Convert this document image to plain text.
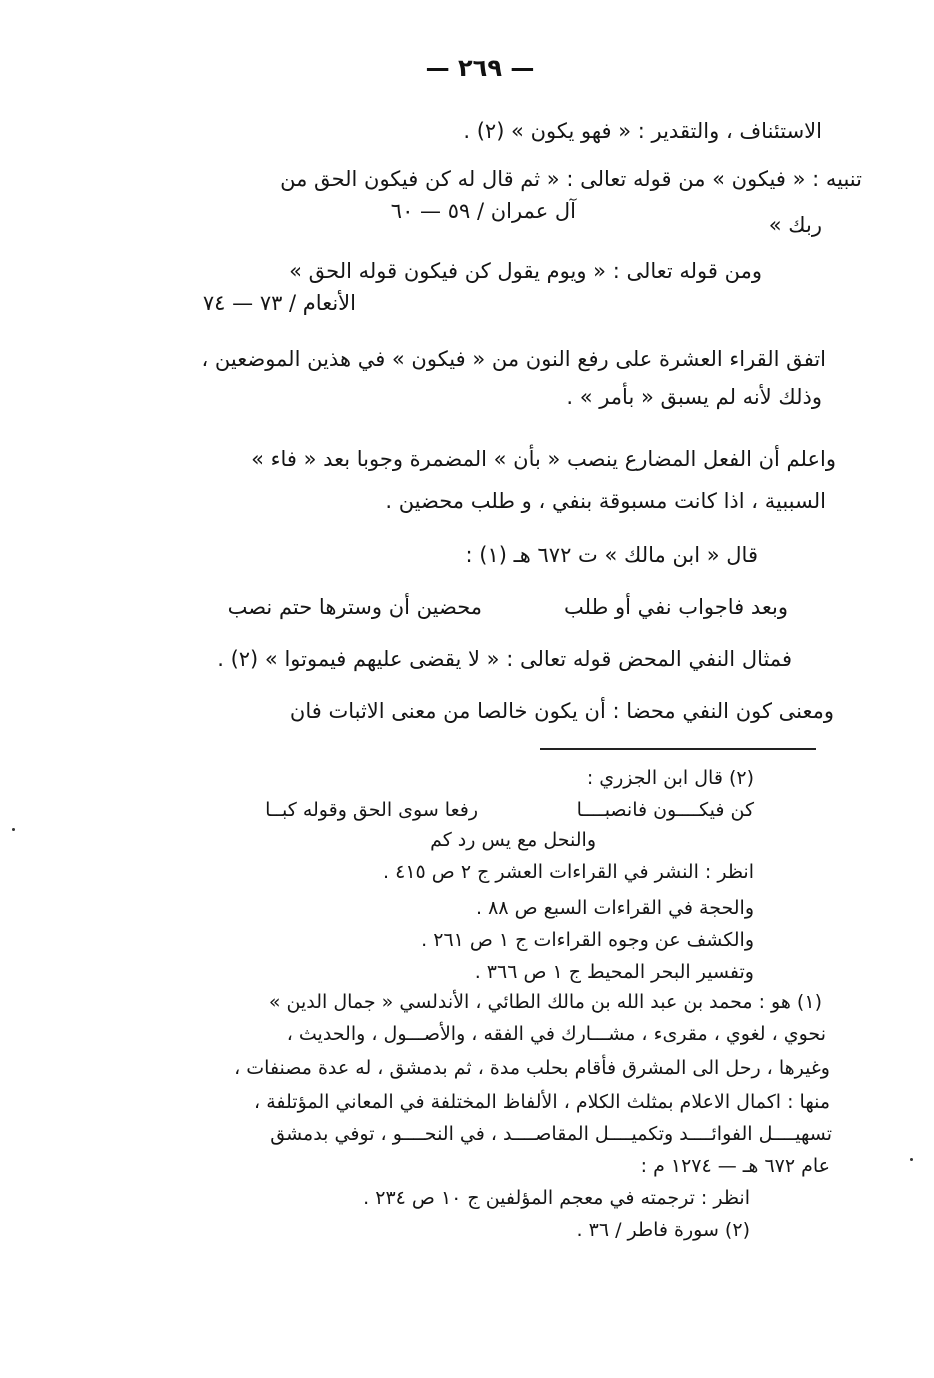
— ٢٦٩ —
الاستئناف ، والتقدير : « فهو يكون » (٢) .
تنبيه : « فيكون » من قوله تعالى : « ثم قال له كن فيكون الحق من
آل عمران / ٥٩ — ٦٠
ربك »
ومن قوله تعالى : « ويوم يقول كن فيكون قوله الحق »
الأنعام / ٧٣ — ٧٤
اتفق القراء العشرة على رفع النون من « فيكون » في هذين الموضعين ،
وذلك لأنه لم يسبق « بأمر » .
واعلم أن الفعل المضارع ينصب « بأن » المضمرة وجوبا بعد « فاء »
السببية ، اذا كانت مسبوقة بنفي ، و طلب محضين .
قال « ابن مالك » ت ٦٧٢ هـ (١) :
وبعد فاجواب نفي أو طلب
محضين أن وسترها حتم نصب
فمثال النفي المحض قوله تعالى : « لا يقضى عليهم فيموتوا » (٢) .
ومعنى كون النفي محضا : أن يكون خالصا من معنى الاثبات فان
(٢) قال ابن الجزري :
كن فيكــــون فانصبــــا
رفعا سوى الحق وقوله كبــا
والنحل مع يس رد كم
انظر : النشر في القراءات العشر ج ٢ ص ٤١٥ .
والحجة في القراءات السبع ص ٨٨ .
والكشف عن وجوه القراءات ج ١ ص ٢٦١ .
وتفسير البحر المحيط ج ١ ص ٣٦٦ .
(١) هو : محمد بن عبد الله بن مالك الطائي ، الأندلسي « جمال الدين »
نحوي ، لغوي ، مقرىء ، مشـــارك في الفقه ، والأصـــول ، والحديث ،
وغيرها ، رحل الى المشرق فأقام بحلب مدة ، ثم بدمشق ، له عدة مصنفات ،
منها : اكمال الاعلام بمثلث الكلام ، الألفاظ المختلفة في المعاني المؤتلفة ،
تسهيــــل الفوائــــد وتكميــــل المقاصــــد ، في النحــــو ، توفي بدمشق
عام ٦٧٢ هـ — ١٢٧٤ م :
انظر : ترجمته في معجم المؤلفين ج ١٠ ص ٢٣٤ .
(٢) سورة فاطر / ٣٦ .
